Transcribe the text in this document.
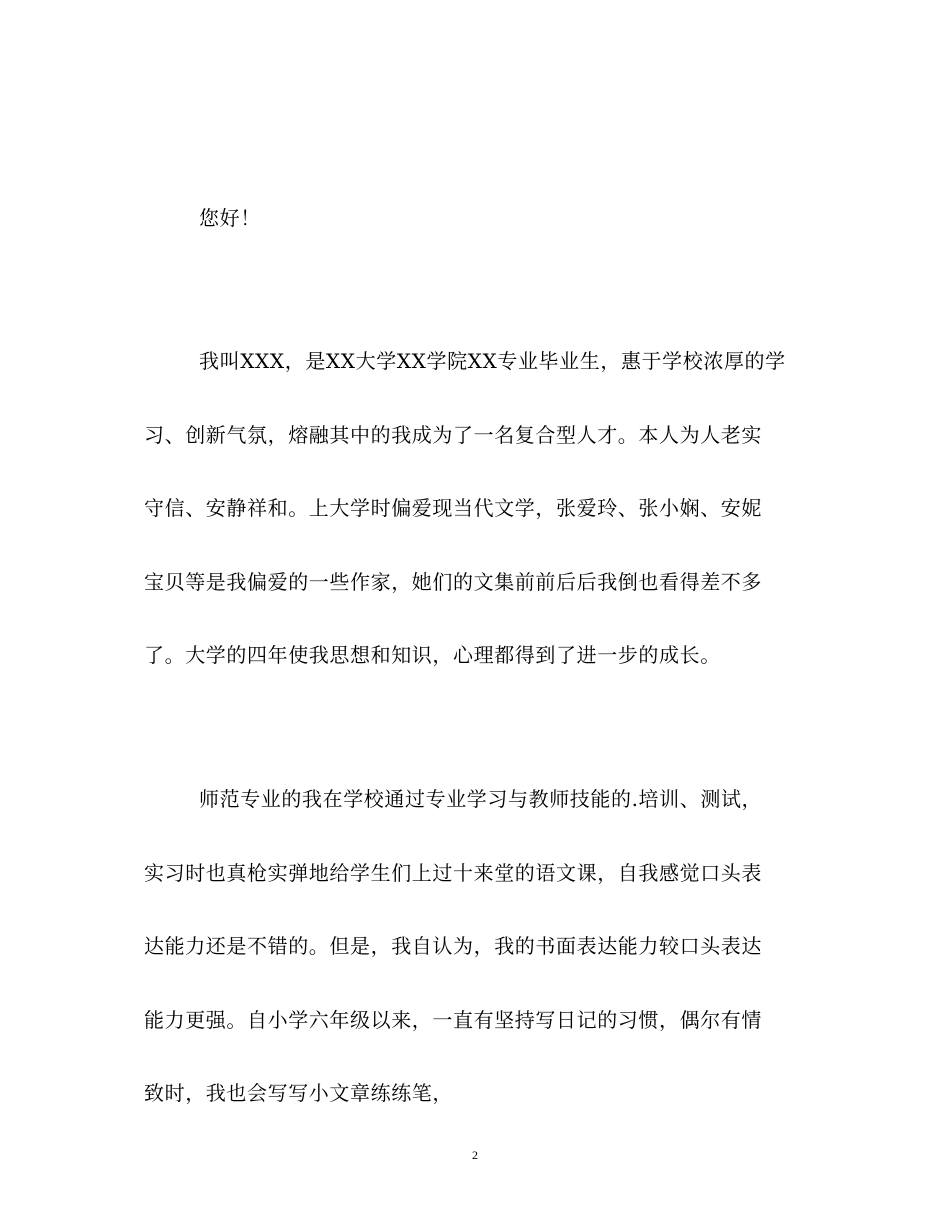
您好！
我叫XXX，是XX大学XX学院XX专业毕业生，惠于学校浓厚的学
习、创新气氛，熔融其中的我成为了一名复合型人才。本人为人老实
守信、安静祥和。上大学时偏爱现当代文学，张爱玲、张小娴、安妮
宝贝等是我偏爱的一些作家，她们的文集前前后后我倒也看得差不多
了。大学的四年使我思想和知识，心理都得到了进一步的成长。
师范专业的我在学校通过专业学习与教师技能的.培训、测试，
实习时也真枪实弹地给学生们上过十来堂的语文课，自我感觉口头表
达能力还是不错的。但是，我自认为，我的书面表达能力较口头表达
能力更强。自小学六年级以来，一直有坚持写日记的习惯，偶尔有情
致时，我也会写写小文章练练笔，
2
